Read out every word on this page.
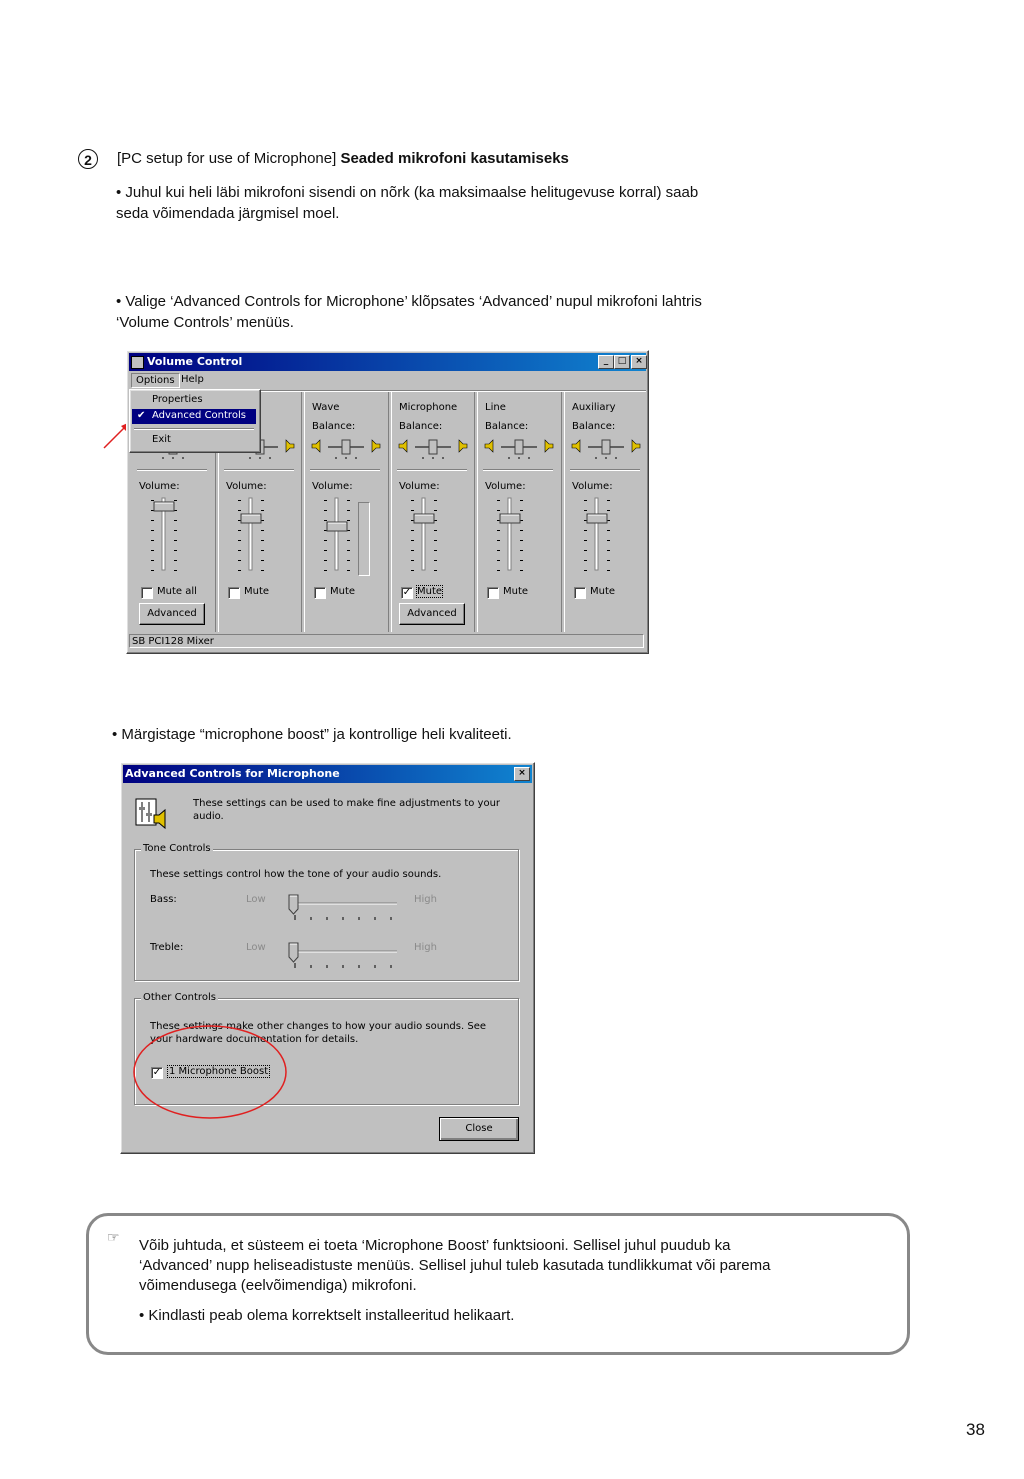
2	[PC setup for use of Microphone] Seaded mikrofoni kasutamiseks
• Juhul kui heli läbi mikrofoni sisendi on nõrk (ka maksimaalse helitugevuse korral) saab
seda võimendada järgmisel moel.
• Valige ‘Advanced Controls for Microphone’ klõpsates ‘Advanced’ nupul mikrofoni lahtris
‘Volume Controls’ menüüs.
Volume Control	_	□ ×
Options Help
Volume:
Mute all
Advanced
Volume:
Mute
Wave
Balance:
Volume:
Mute
Microphone
Balance:
Volume:
✓ Mute
Advanced
Line
Balance:
Volume:
Mute
Auxiliary
Balance:
Volume:
Mute
Properties
✔ Advanced Controls
Exit
SB PCI128 Mixer
• Märgistage “microphone boost” ja kontrollige heli kvaliteeti.
Advanced Controls for Microphone	×
These settings can be used to make fine adjustments to your
audio.
Tone Controls
These settings control how the tone of your audio sounds.
Bass:	Low	High
Treble:	Low	High
Other Controls
These settings make other changes to how your audio sounds. See
your hardware documentation for details.
✓ 1 Microphone Boost
Close
☞ Võib juhtuda, et süsteem ei toeta ‘Microphone Boost’ funktsiooni. Sellisel juhul puudub ka
‘Advanced’ nupp heliseadistuste menüüs. Sellisel juhul tuleb kasutada tundlikkumat või parema
võimendusega (eelvõimendiga) mikrofoni.
• Kindlasti peab olema korrektselt installeeritud helikaart.
38
